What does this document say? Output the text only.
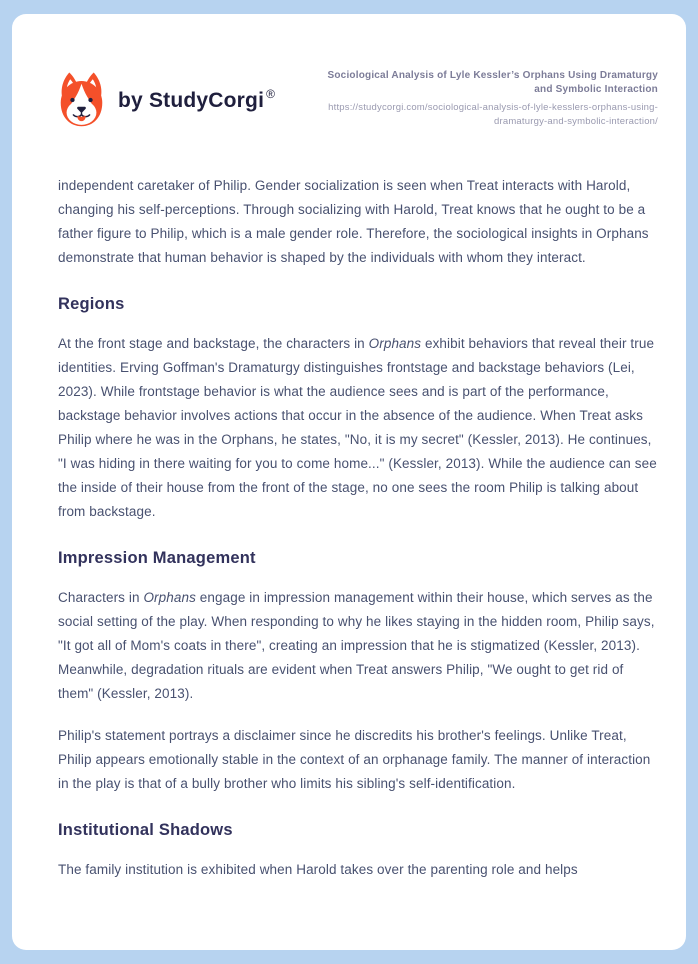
by StudyCorgi ®
Sociological Analysis of Lyle Kessler’s Orphans Using Dramaturgy and Symbolic Interaction
https://studycorgi.com/sociological-analysis-of-lyle-kesslers-orphans-using-dramaturgy-and-symbolic-interaction/

independent caretaker of Philip. Gender socialization is seen when Treat interacts with Harold, changing his self-perceptions. Through socializing with Harold, Treat knows that he ought to be a father figure to Philip, which is a male gender role. Therefore, the sociological insights in Orphans demonstrate that human behavior is shaped by the individuals with whom they interact.

Regions

At the front stage and backstage, the characters in Orphans exhibit behaviors that reveal their true identities. Erving Goffman's Dramaturgy distinguishes frontstage and backstage behaviors (Lei, 2023). While frontstage behavior is what the audience sees and is part of the performance, backstage behavior involves actions that occur in the absence of the audience. When Treat asks Philip where he was in the Orphans, he states, "No, it is my secret" (Kessler, 2013). He continues, "I was hiding in there waiting for you to come home..." (Kessler, 2013). While the audience can see the inside of their house from the front of the stage, no one sees the room Philip is talking about from backstage.

Impression Management

Characters in Orphans engage in impression management within their house, which serves as the social setting of the play. When responding to why he likes staying in the hidden room, Philip says, "It got all of Mom's coats in there", creating an impression that he is stigmatized (Kessler, 2013). Meanwhile, degradation rituals are evident when Treat answers Philip, "We ought to get rid of them" (Kessler, 2013).

Philip's statement portrays a disclaimer since he discredits his brother's feelings. Unlike Treat, Philip appears emotionally stable in the context of an orphanage family. The manner of interaction in the play is that of a bully brother who limits his sibling's self-identification.

Institutional Shadows

The family institution is exhibited when Harold takes over the parenting role and helps
